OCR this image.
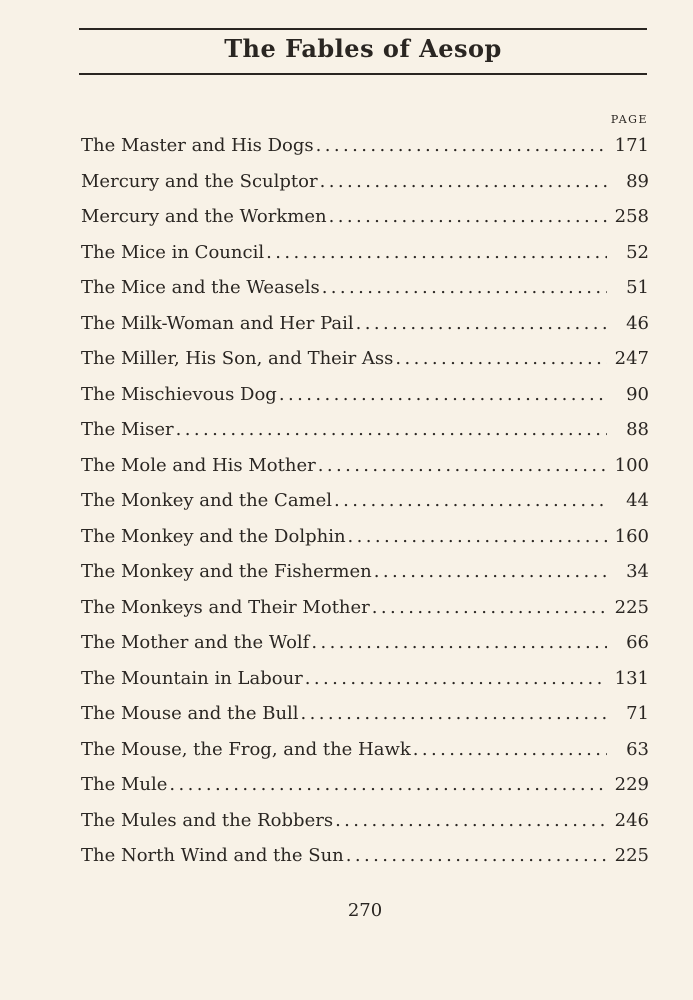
The Fables of Aesop
PAGE
The Master and His Dogs .....	171
Mercury and the Sculptor .....	89
Mercury and the Workmen .....	258
The Mice in Council .....	52
The Mice and the Weasels .....	51
The Milk-Woman and Her Pail .....	46
The Miller, His Son, and Their Ass .....	247
The Mischievous Dog .....	90
The Miser .....	88
The Mole and His Mother .....	100
The Monkey and the Camel .....	44
The Monkey and the Dolphin .....	160
The Monkey and the Fishermen .....	34
The Monkeys and Their Mother .....	225
The Mother and the Wolf .....	66
The Mountain in Labour .....	131
The Mouse and the Bull .....	71
The Mouse, the Frog, and the Hawk .....	63
The Mule .....	229
The Mules and the Robbers .....	246
The North Wind and the Sun .....	225
270
